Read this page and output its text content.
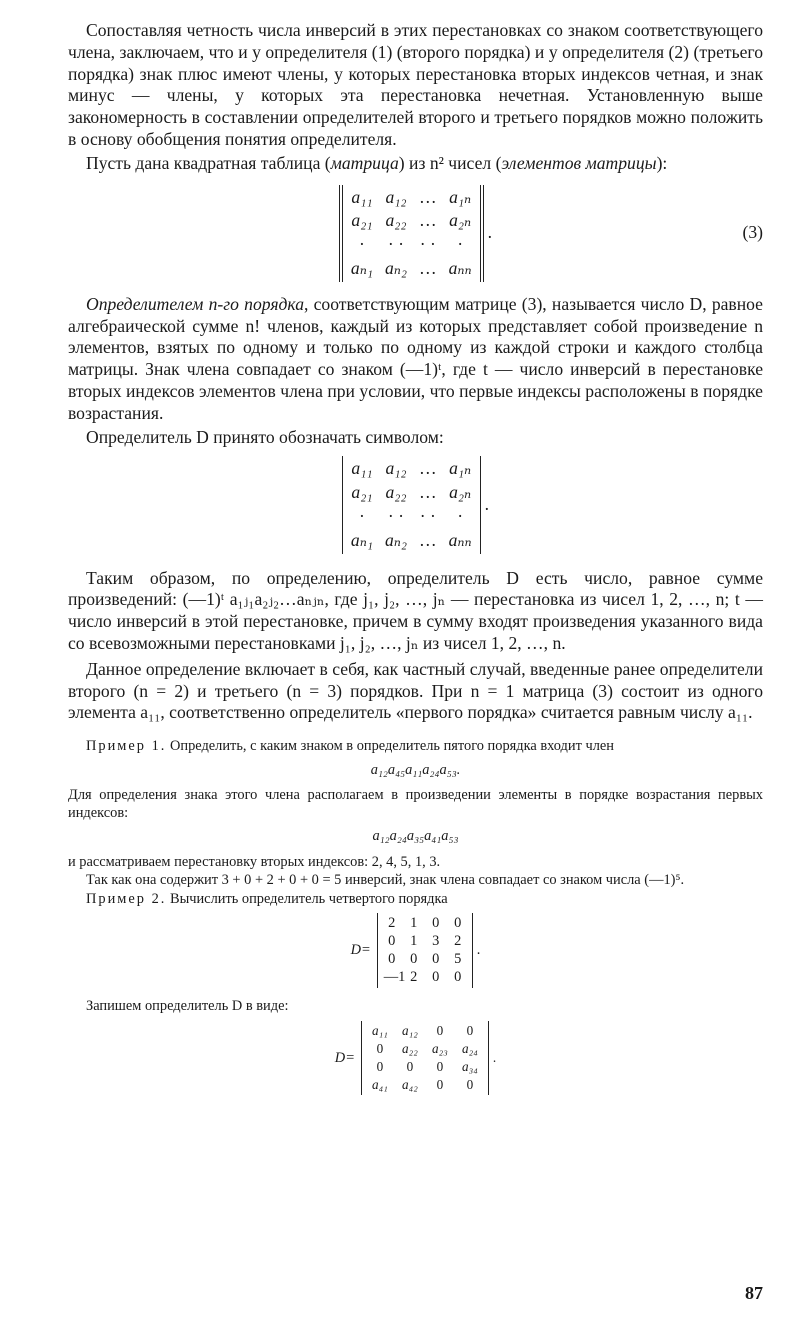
Сопоставляя четность числа инверсий в этих перестановках со знаком соответствующего члена, заключаем, что и у определителя (1) (второго порядка) и у определителя (2) (третьего порядка) знак плюс имеют члены, у которых перестановка вторых индексов четная, и знак минус — члены, у которых эта перестановка нечетная. Установленную выше закономерность в составлении определителей второго и третьего порядков можно положить в основу обобщения понятия определителя.

Пусть дана квадратная таблица (матрица) из n² чисел (элементов матрицы):

a₁₁ a₁₂ … a₁ₙ
a₂₁ a₂₂ … a₂ₙ
·	· · · ·	·
aₙ₁ aₙ₂ … aₙₙ
.	(3)

Определителем n-го порядка, соответствующим матрице (3), называется число D, равное алгебраической сумме n! членов, каждый из которых представляет собой произведение n элементов, взятых по одному и только по одному из каждой строки и каждого столбца матрицы. Знак члена совпадает со знаком (—1)ᵗ, где t — число инверсий в перестановке вторых индексов элементов члена при условии, что первые индексы расположены в порядке возрастания.

Определитель D принято обозначать символом:

a₁₁ a₁₂ … a₁ₙ
a₂₁ a₂₂ … a₂ₙ
·	· · · ·	·
aₙ₁ aₙ₂ … aₙₙ
.

Таким образом, по определению, определитель D есть число, равное сумме произведений: (—1)ᵗ a₁ⱼ₁a₂ⱼ₂…aₙⱼₙ, где j₁, j₂, …, jₙ — перестановка из чисел 1, 2, …, n; t — число инверсий в этой перестановке, причем в сумму входят произведения указанного вида со всевозможными перестановками j₁, j₂, …, jₙ из чисел 1, 2, …, n.

Данное определение включает в себя, как частный случай, введенные ранее определители второго (n = 2) и третьего (n = 3) порядков. При n = 1 матрица (3) состоит из одного элемента a₁₁, соответственно определитель «первого порядка» считается равным числу a₁₁.

Пример 1. Определить, с каким знаком в определитель пятого порядка входит член

a₁₂a₄₅a₁₁a₂₄a₅₃.

Для определения знака этого члена располагаем в произведении элементы в порядке возрастания первых индексов:

a₁₂a₂₄a₃₅a₄₁a₅₃

и рассматриваем перестановку вторых индексов: 2, 4, 5, 1, 3.

Так как она содержит 3 + 0 + 2 + 0 + 0 = 5 инверсий, знак члена совпадает со знаком числа (—1)⁵.

Пример 2. Вычислить определитель четвертого порядка

D=
2	1	0	0
0	1	3	2
0	0	0	5
—1 2	0	0
.

Запишем определитель D в виде:

D=
a₁₁	a₁₂	0	0
0	a₂₂	a₂₃	a₂₄
0	0	0	a₃₄
a₄₁	a₄₂	0	0
.
87
